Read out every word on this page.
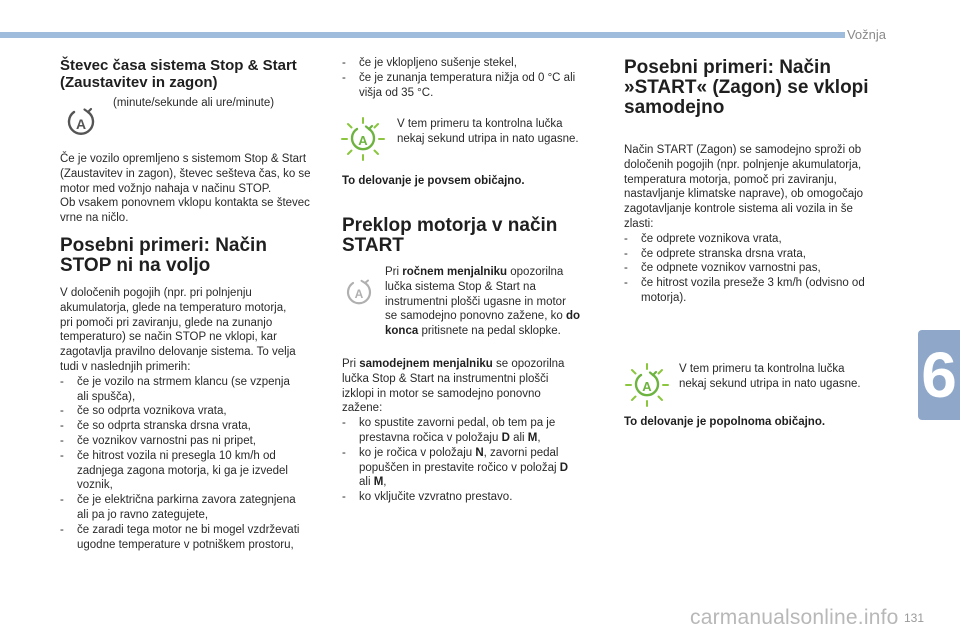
Vožnja
6
131
carmanualsonline.info
Števec časa sistema Stop & Start
(Zaustavitev in zagon)
A

(minute/sekunde ali ure/minute)

Če je vozilo opremljeno s sistemom Stop & Start
(Zaustavitev in zagon), števec sešteva čas, ko se
motor med vožnjo nahaja v načinu STOP.
Ob vsakem ponovnem vklopu kontakta se števec
vrne na ničlo.

Posebni primeri: Način
STOP ni na voljo
V določenih pogojih (npr. pri polnjenju
akumulatorja, glede na temperaturo motorja,
pri pomoči pri zaviranju, glede na zunanjo
temperaturo) se način STOP ne vklopi, kar
zagotavlja pravilno delovanje sistema. To velja
tudi v naslednjih primerih:
- če je vozilo na strmem klancu (se vzpenja
ali spušča),
- če so odprta voznikova vrata,
- če so odprta stranska drsna vrata,
- če voznikov varnostni pas ni pripet,
- če hitrost vozila ni presegla 10 km/h od
zadnjega zagona motorja, ki ga je izvedel
voznik,
- če je električna parkirna zavora zategnjena
ali pa jo ravno zategujete,
- če zaradi tega motor ne bi mogel vzdrževati
ugodne temperature v potniškem prostoru,
- če je vklopljeno sušenje stekel,
- če je zunanja temperatura nižja od 0 °C ali
višja od 35 °C.
A

V tem primeru ta kontrolna lučka
nekaj sekund utripa in nato ugasne.

To delovanje je povsem običajno.

Preklop motorja v način
START
A

Pri ročnem menjalniku opozorilna
lučka sistema Stop & Start na
instrumentni plošči ugasne in motor
se samodejno ponovno zažene, ko do
konca pritisnete na pedal sklopke.

Pri samodejnem menjalniku se opozorilna
lučka Stop & Start na instrumentni plošči
izklopi in motor se samodejno ponovno
zažene:
- ko spustite zavorni pedal, ob tem pa je
prestavna ročica v položaju D ali M,
- ko je ročica v položaju N, zavorni pedal
popuščen in prestavite ročico v položaj D
ali M,
- ko vključite vzvratno prestavo.
Posebni primeri: Način
»START« (Zagon) se vklopi
samodejno
Način START (Zagon) se samodejno sproži ob
določenih pogojih (npr. polnjenje akumulatorja,
temperatura motorja, pomoč pri zaviranju,
nastavljanje klimatske naprave), ob omogočajo
zagotavljanje kontrole sistema ali vozila in še
zlasti:
- če odprete voznikova vrata,
- če odprete stranska drsna vrata,
- če odpnete voznikov varnostni pas,
- če hitrost vozila preseže 3 km/h (odvisno od
motorja).
A

V tem primeru ta kontrolna lučka
nekaj sekund utripa in nato ugasne.

To delovanje je popolnoma običajno.
